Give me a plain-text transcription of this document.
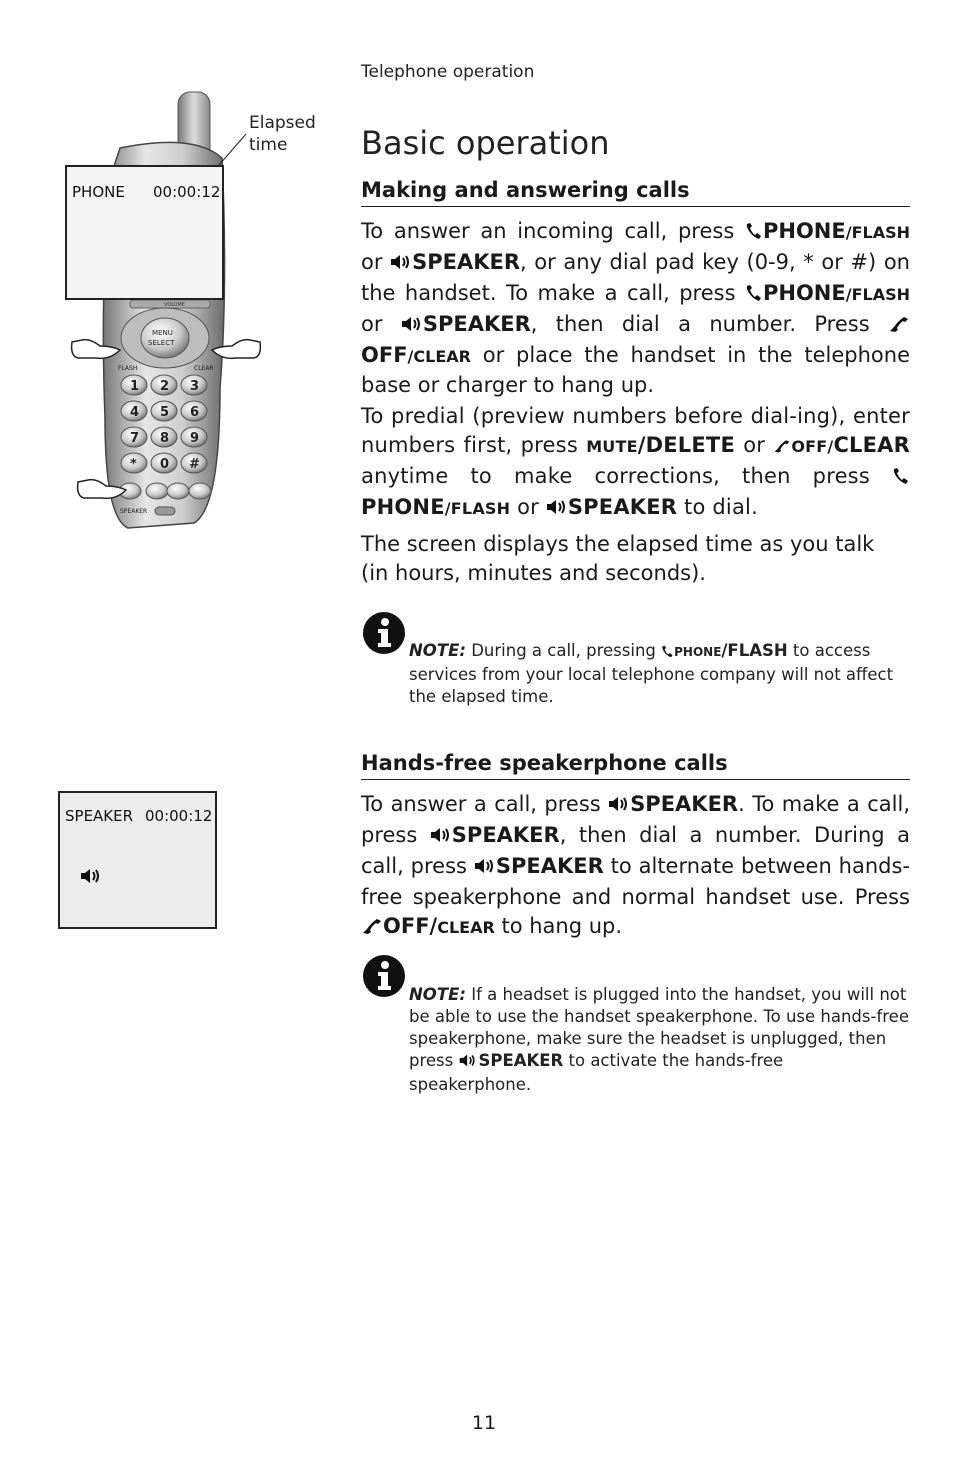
Telephone operation
Basic operation
VOLUME
MENU
SELECT
FLASH	CLEAR
1 2 3
4 5 6
7 8 9
* 0 #
SPEAKER
Elapsed
time
PHONE 00:00:12	Making and answering calls

To answer an incoming call, press PHONE/FLASH or SPEAKER, or any dial pad key (0-9, * or #) on the handset. To make a call, press PHONE/FLASH or SPEAKER, then dial a number. Press OFF/CLEAR or place the handset in the telephone base or charger to hang up.

To predial (preview numbers before dial-ing), enter numbers first, press MUTE/DELETE or OFF/CLEAR anytime to make corrections, then press PHONE/FLASH or SPEAKER to dial.

The screen displays the elapsed time as you talk (in hours, minutes and seconds).

NOTE: During a call, pressing PHONE/FLASH to access services from your local telephone company will not affect the elapsed time.
Hands-free speakerphone calls
SPEAKER 00:00:12	To answer a call, press SPEAKER. To make a call, press SPEAKER, then dial a number. During a call, press SPEAKER to alternate between hands-free speakerphone and normal handset use. Press OFF/CLEAR to hang up.

NOTE: If a headset is plugged into the handset, you will not be able to use the handset speakerphone. To use hands-free speakerphone, make sure the headset is unplugged, then press SPEAKER to activate the hands-free speakerphone.
11
